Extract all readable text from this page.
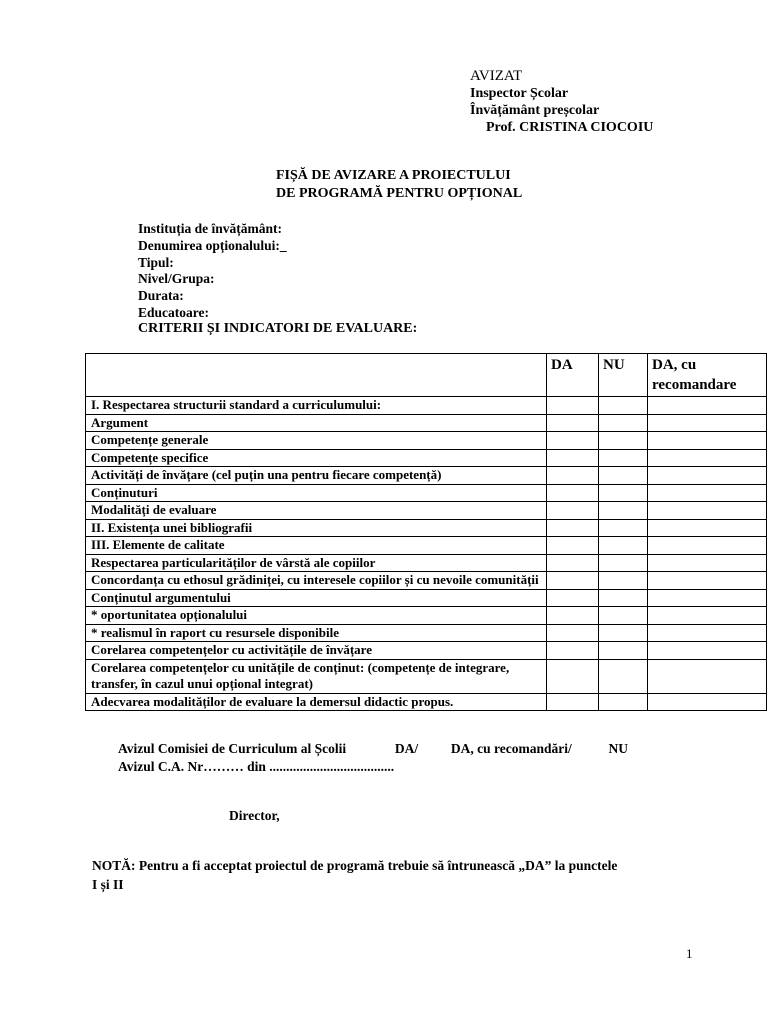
AVIZAT
Inspector Școlar
Învățământ preșcolar
Prof. CRISTINA CIOCOIU
FIȘĂ DE AVIZARE A PROIECTULUI
DE PROGRAMĂ PENTRU OPȚIONAL
Instituția de învățământ:
Denumirea opționalului:_
Tipul:
Nivel/Grupa:
Durata:
Educatoare:
CRITERII ȘI INDICATORI DE EVALUARE:
	DA	NU	DA, cu recomandare
I. Respectarea structurii standard a curriculumului:			
Argument			
Competențe generale			
Competențe specifice			
Activități de învățare (cel puțin una pentru fiecare competență)			
Conținuturi			
Modalități de evaluare			
II. Existența unei bibliografii			
III. Elemente de calitate			
Respectarea particularităților de vârstă ale copiilor			
Concordanța cu ethosul grădiniței, cu interesele copiilor și cu nevoile comunității			
Conținutul argumentului			
* oportunitatea opționalului			
* realismul în raport cu resursele disponibile			
Corelarea competențelor cu activitățile de învățare			
Corelarea competențelor cu unitățile de conținut: (competențe de integrare, transfer, în cazul unui opțional integrat)			
Adecvarea modalităților de evaluare la demersul didactic propus.			
Avizul Comisiei de Curriculum al Școlii	DA/ DA, cu recomandări/	NU
Avizul C.A. Nr……… din .....................................
Director,
NOTĂ: Pentru a fi acceptat proiectul de programă trebuie să întrunească „DA” la punctele
I și II
1
